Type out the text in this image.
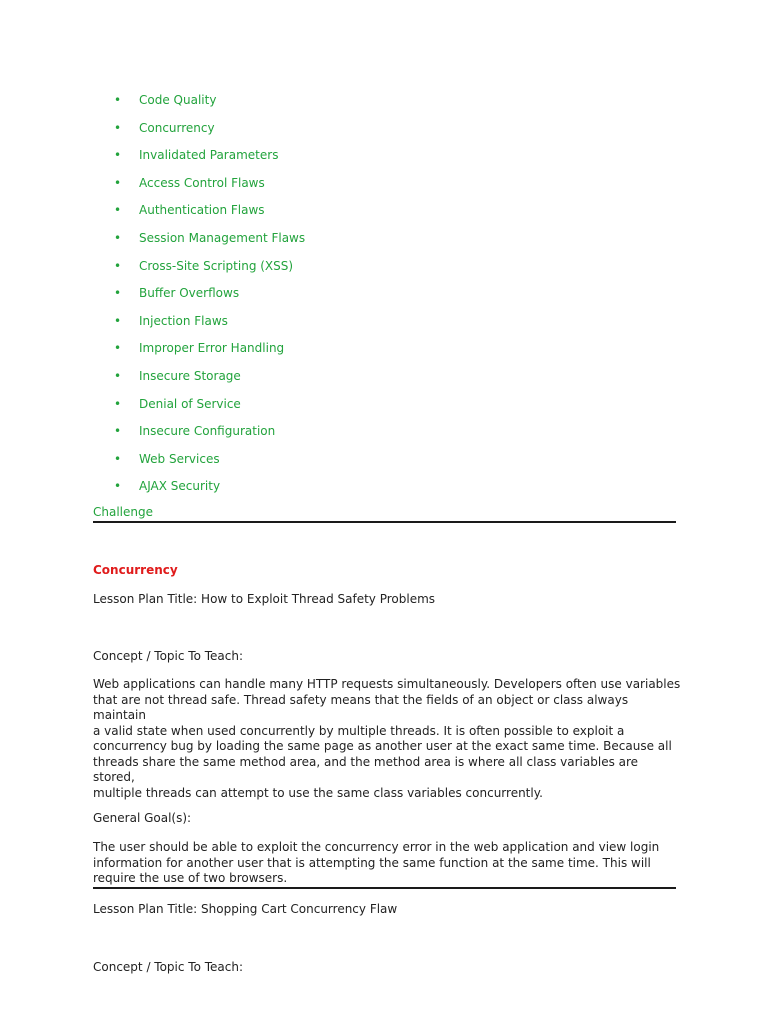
• Code Quality
• Concurrency
• Invalidated Parameters
• Access Control Flaws
• Authentication Flaws
• Session Management Flaws
• Cross-Site Scripting (XSS)
• Buffer Overflows
• Injection Flaws
• Improper Error Handling
• Insecure Storage
• Denial of Service
• Insecure Configuration
• Web Services
• AJAX Security
Challenge
Concurrency
Lesson Plan Title: How to Exploit Thread Safety Problems
Concept / Topic To Teach:
Web applications can handle many HTTP requests simultaneously. Developers often use variables
that are not thread safe. Thread safety means that the fields of an object or class always maintain
a valid state when used concurrently by multiple threads. It is often possible to exploit a
concurrency bug by loading the same page as another user at the exact same time. Because all
threads share the same method area, and the method area is where all class variables are stored,
multiple threads can attempt to use the same class variables concurrently.
General Goal(s):
The user should be able to exploit the concurrency error in the web application and view login
information for another user that is attempting the same function at the same time. This will
require the use of two browsers.
Lesson Plan Title: Shopping Cart Concurrency Flaw
Concept / Topic To Teach:
